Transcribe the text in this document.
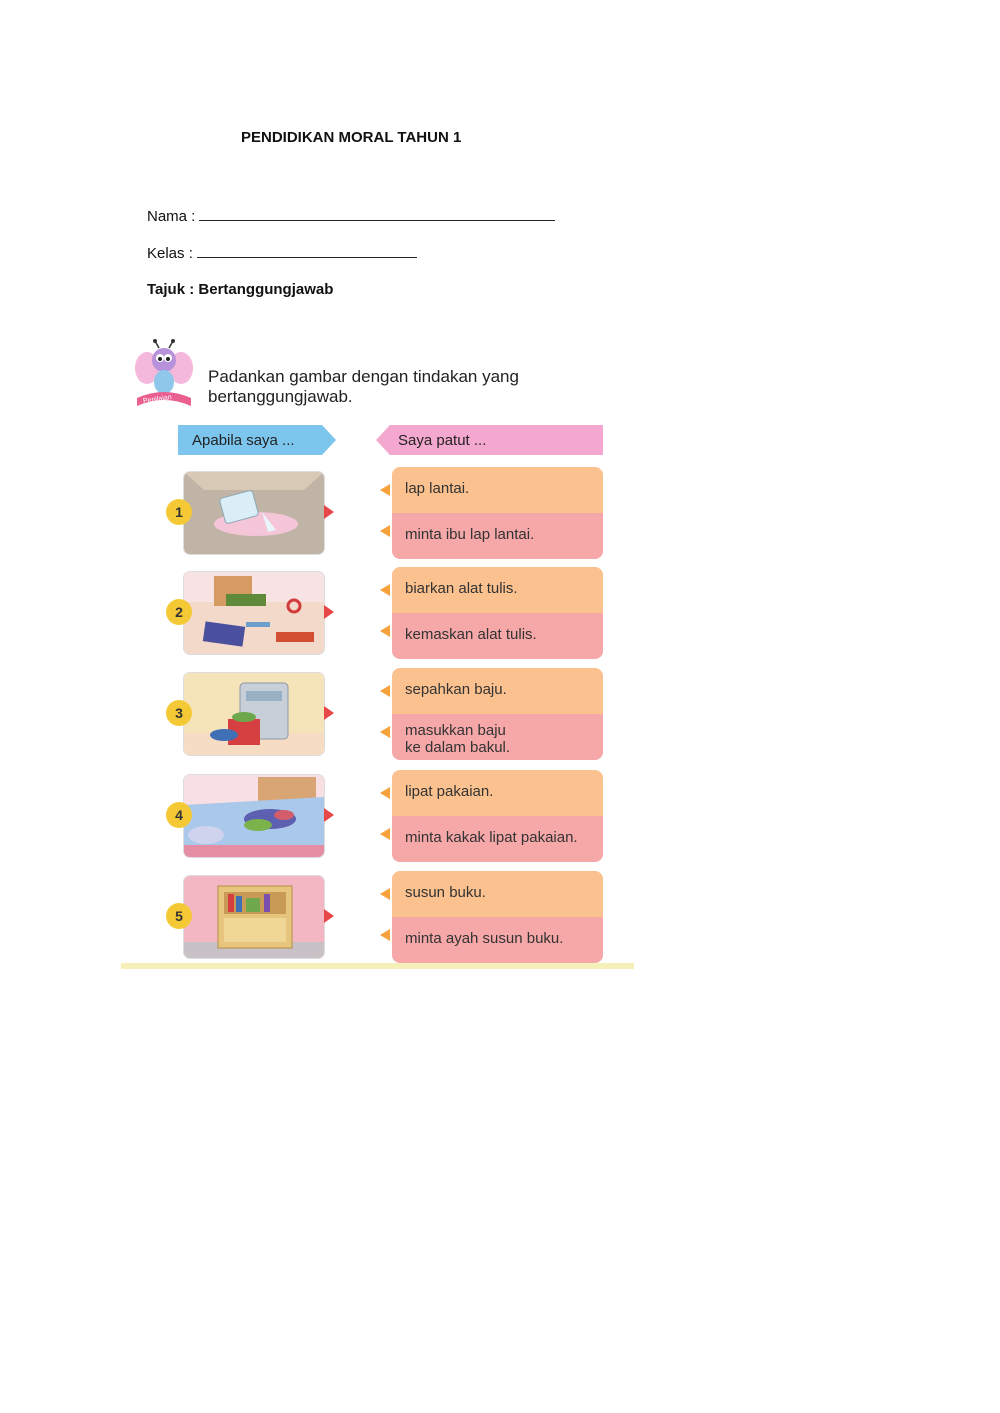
PENDIDIKAN MORAL TAHUN 1
Nama :
Kelas :
Tajuk : Bertanggungjawab
Penilaian
Padankan gambar dengan tindakan yang bertanggungjawab.
Apabila saya ...	Saya patut ...
1
lap lantai.
minta ibu lap lantai.
2
biarkan alat tulis.
kemaskan alat tulis.
3
sepahkan baju.
masukkan baju ke dalam bakul.
4
lipat pakaian.
minta kakak lipat pakaian.
5
susun buku.
minta ayah susun buku.
